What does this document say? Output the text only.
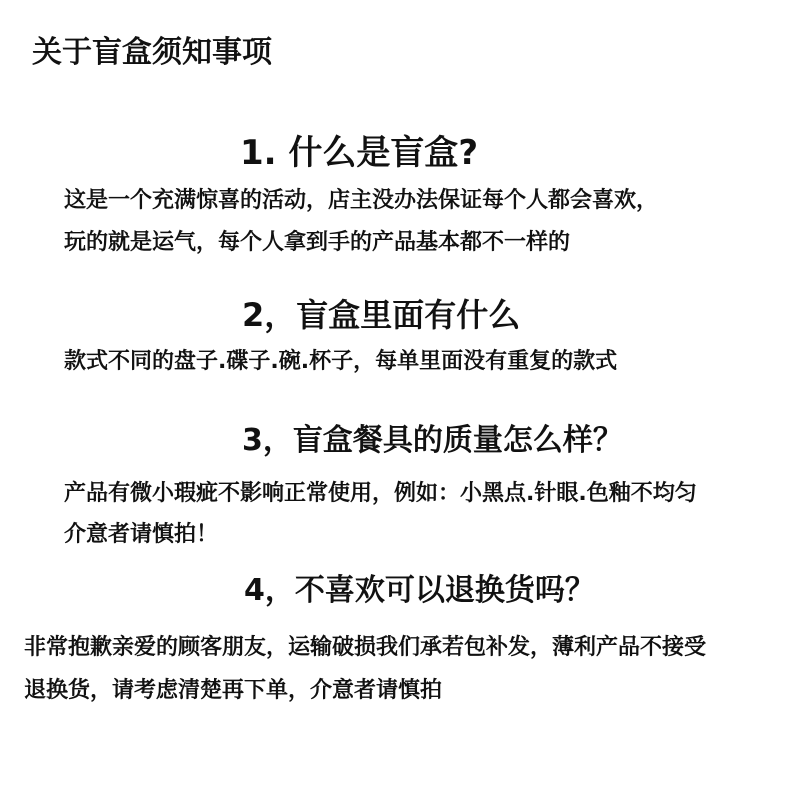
关于盲盒须知事项
1. 什么是盲盒?
这是一个充满惊喜的活动，店主没办法保证每个人都会喜欢，
玩的就是运气，每个人拿到手的产品基本都不一样的
2，盲盒里面有什么
款式不同的盘子.碟子.碗.杯子，每单里面没有重复的款式
3，盲盒餐具的质量怎么样？
产品有微小瑕疵不影响正常使用，例如：小黑点.针眼.色釉不均匀
介意者请慎拍！
4，不喜欢可以退换货吗？
非常抱歉亲爱的顾客朋友，运输破损我们承若包补发，薄利产品不接受
退换货，请考虑清楚再下单，介意者请慎拍
